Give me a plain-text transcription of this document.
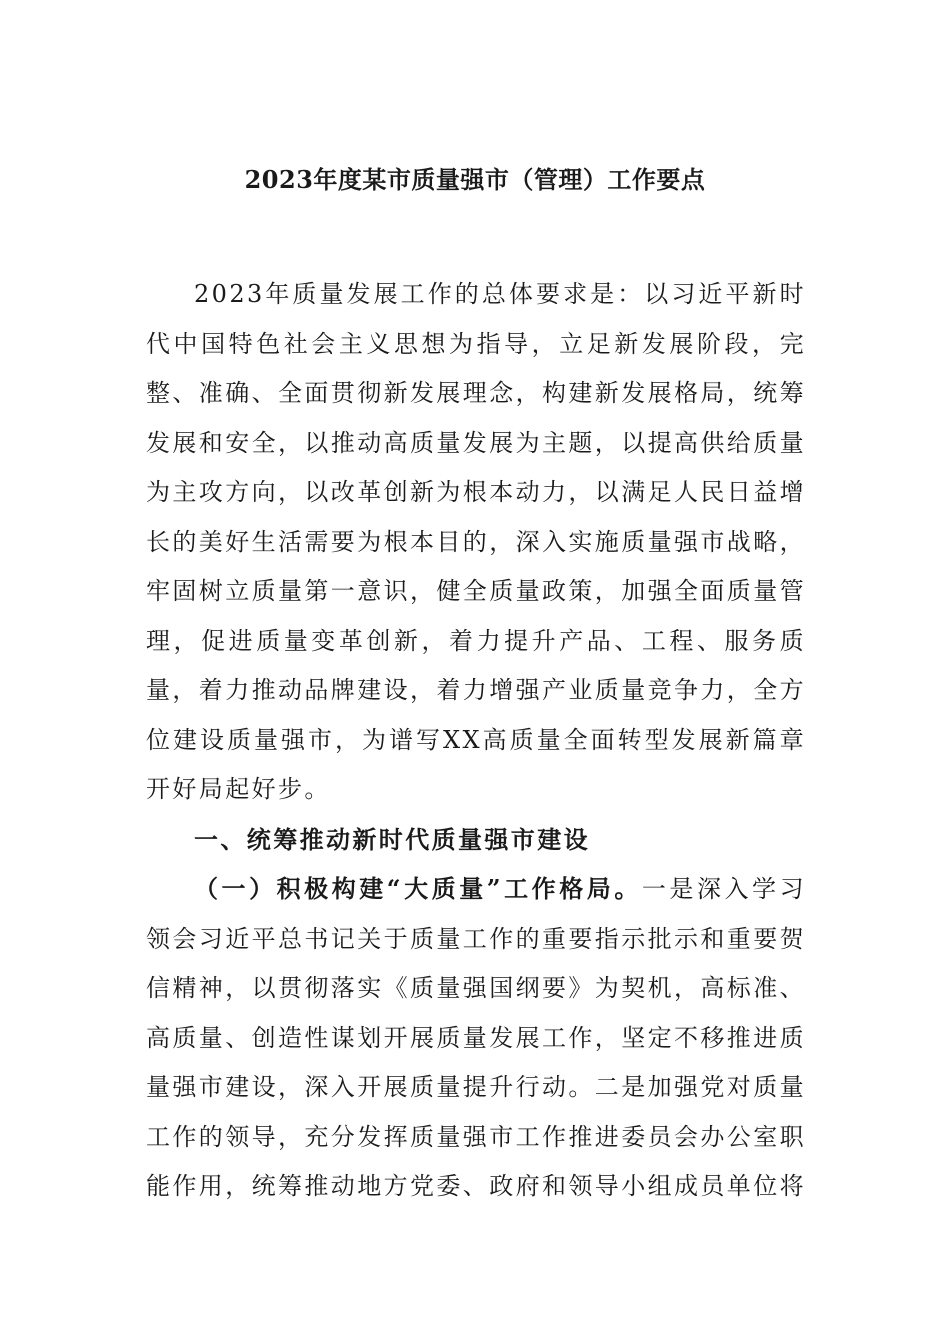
2023年度某市质量强市（管理）工作要点

2023年质量发展工作的总体要求是：以习近平新时代中国特色社会主义思想为指导，立足新发展阶段，完整、准确、全面贯彻新发展理念，构建新发展格局，统筹发展和安全，以推动高质量发展为主题，以提高供给质量为主攻方向，以改革创新为根本动力，以满足人民日益增长的美好生活需要为根本目的，深入实施质量强市战略，牢固树立质量第一意识，健全质量政策，加强全面质量管理，促进质量变革创新，着力提升产品、工程、服务质量，着力推动品牌建设，着力增强产业质量竞争力，全方位建设质量强市，为谱写XX高质量全面转型发展新篇章开好局起好步。

一、统筹推动新时代质量强市建设

（一）积极构建“大质量”工作格局。一是深入学习领会习近平总书记关于质量工作的重要指示批示和重要贺信精神，以贯彻落实《质量强国纲要》为契机，高标准、高质量、创造性谋划开展质量发展工作，坚定不移推进质量强市建设，深入开展质量提升行动。二是加强党对质量工作的领导，充分发挥质量强市工作推进委员会办公室职能作用，统筹推动地方党委、政府和领导小组成员单位将
